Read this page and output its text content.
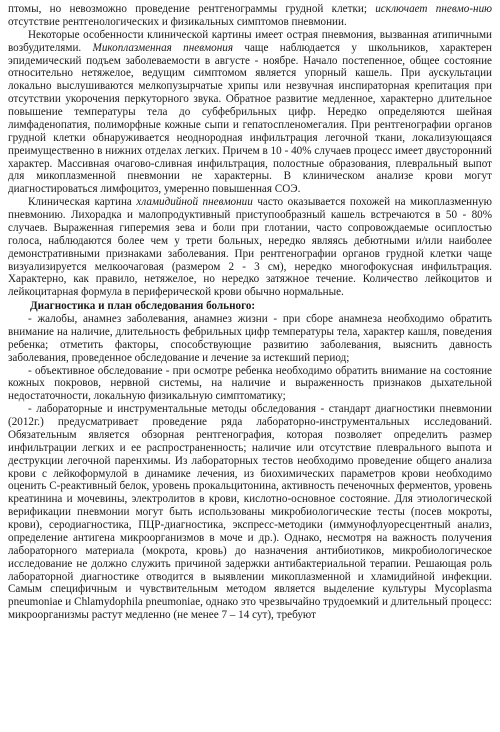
птомы, но невозможно проведение рентгенограммы грудной клетки; исключает пневмо-нию отсутствие рентгенологических и физикальных симптомов пневмонии.

Некоторые особенности клинической картины имеет острая пневмония, вызванная атипичными возбудителями. Микоплазменная пневмония чаще наблюдается у школьников, характерен эпидемический подъем заболеваемости в августе - ноябре. Начало постепенное, общее состояние относительно нетяжелое, ведущим симптомом является упорный кашель. При аускультации локально выслушиваются мелкопузырчатые хрипы или незвучная инспираторная крепитация при отсутствии укорочения перкуторного звука. Обратное развитие медленное, характерно длительное повышение температуры тела до субфебрильных цифр. Нередко определяются шейная лимфаденопатия, полиморфные кожные сыпи и гепатоспленомегалия. При рентгенографии органов грудной клетки обнаруживается неоднородная инфильтрация легочной ткани, локализующаяся преимущественно в нижних отделах легких. Причем в 10 - 40% случаев процесс имеет двусторонний характер. Массивная очагово-сливная инфильтрация, полостные образования, плевральный выпот для микоплазменной пневмонии не характерны. В клиническом анализе крови могут диагностироваться лимфоцитоз, умеренно повышенная СОЭ.

Клиническая картина хламидийной пневмонии часто оказывается похожей на микоплазменную пневмонию. Лихорадка и малопродуктивный приступообразный кашель встречаются в 50 - 80% случаев. Выраженная гиперемия зева и боли при глотании, часто сопровождаемые осиплостью голоса, наблюдаются более чем у трети больных, нередко являясь дебютными и/или наиболее демонстративными признаками заболевания. При рентгенографии органов грудной клетки чаще визуализируется мелкоочаговая (размером 2 - 3 см), нередко многофокусная инфильтрация. Характерно, как правило, нетяжелое, но нередко затяжное течение. Количество лейкоцитов и лейкоцитарная формула в периферической крови обычно нормальные.

Диагностика и план обследования больного:

- жалобы, анамнез заболевания, анамнез жизни - при сборе анамнеза необходимо обратить внимание на наличие, длительность фебрильных цифр температуры тела, характер кашля, поведения ребенка; отметить факторы, способствующие развитию заболевания, выяснить давность заболевания, проведенное обследование и лечение за истекший период;

- объективное обследование - при осмотре ребенка необходимо обратить внимание на состояние кожных покровов, нервной системы, на наличие и выраженность признаков дыхательной недостаточности, локальную физикальную симптоматику;

- лабораторные и инструментальные методы обследования - стандарт диагностики пневмонии (2012г.) предусматривает проведение ряда лабораторно-инструментальных исследований. Обязательным является обзорная рентгенография, которая позволяет определить размер инфильтрации легких и ее распространенность; наличие или отсутствие плеврального выпота и деструкции легочной паренхимы. Из лабораторных тестов необходимо проведение общего анализа крови с лейкоформулой в динамике лечения, из биохимических параметров крови необходимо оценить С-реактивный белок, уровень прокальцитонина, активность печеночных ферментов, уровень креатинина и мочевины, электролитов в крови, кислотно-основное состояние. Для этиологической верификации пневмонии могут быть использованы микробиологические тесты (посев мокроты, крови), серодиагностика, ПЦР-диагностика, экспресс-методики (иммунофлуоресцентный анализ, определение антигена микроорганизмов в моче и др.). Однако, несмотря на важность получения лабораторного материала (мокрота, кровь) до назначения антибиотиков, микробиологическое исследование не должно служить причиной задержки антибактериальной терапии. Решающая роль лабораторной диагностике отводится в выявлении микоплазменной и хламидийной инфекции. Самым специфичным и чувствительным методом является выделение культуры Mycoplasma pneumoniae и Chlamydophila pneumoniae, однако это чрезвычайно трудоемкий и длительный процесс: микроорганизмы растут медленно (не менее 7 – 14 сут), требуют
